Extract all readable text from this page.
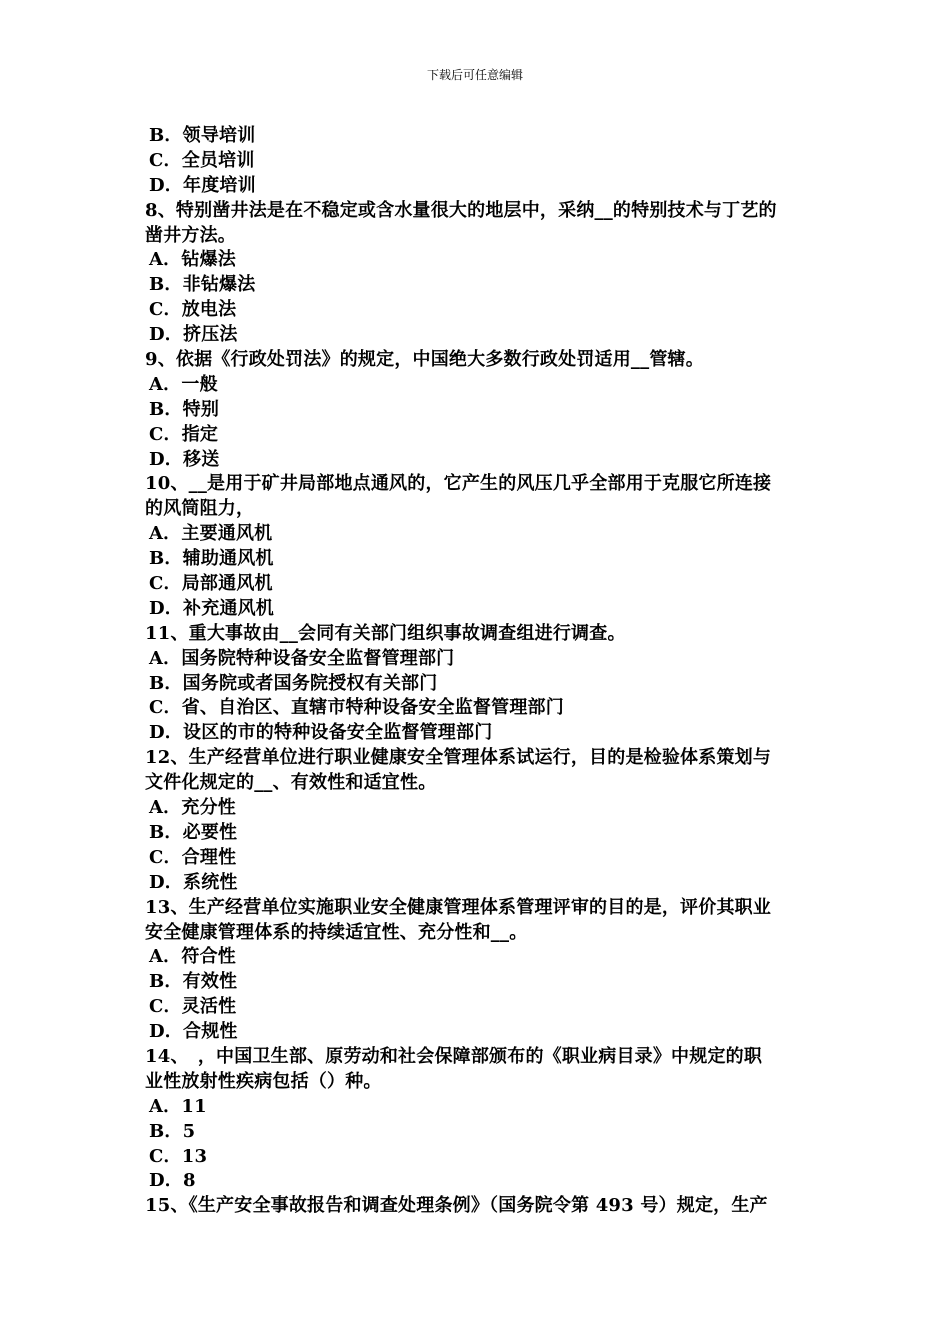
下载后可任意编辑
B．领导培训
C．全员培训
D．年度培训
8、特别凿井法是在不稳定或含水量很大的地层中，采纳__的特别技术与丁艺的
凿井方法。
A．钻爆法
B．非钻爆法
C．放电法
D．挤压法
9、依据《行政处罚法》的规定，中国绝大多数行政处罚适用__管辖。
A．一般
B．特别
C．指定
D．移送
10、__是用于矿井局部地点通风的，它产生的风压几乎全部用于克服它所连接
的风筒阻力，
A．主要通风机
B．辅助通风机
C．局部通风机
D．补充通风机
11、重大事故由__会同有关部门组织事故调查组进行调查。
A．国务院特种设备安全监督管理部门
B．国务院或者国务院授权有关部门
C．省、自治区、直辖市特种设备安全监督管理部门
D．设区的市的特种设备安全监督管理部门
12、生产经营单位进行职业健康安全管理体系试运行，目的是检验体系策划与
文件化规定的__、有效性和适宜性。
A．充分性
B．必要性
C．合理性
D．系统性
13、生产经营单位实施职业安全健康管理体系管理评审的目的是，评价其职业
安全健康管理体系的持续适宜性、充分性和__。
A．符合性
B．有效性
C．灵活性
D．合规性
14、　，中国卫生部、原劳动和社会保障部颁布的《职业病目录》中规定的职
业性放射性疾病包括（）种。
A．11
B．5
C．13
D．8
15、《生产安全事故报告和调查处理条例》（国务院令第 493 号）规定，生产
